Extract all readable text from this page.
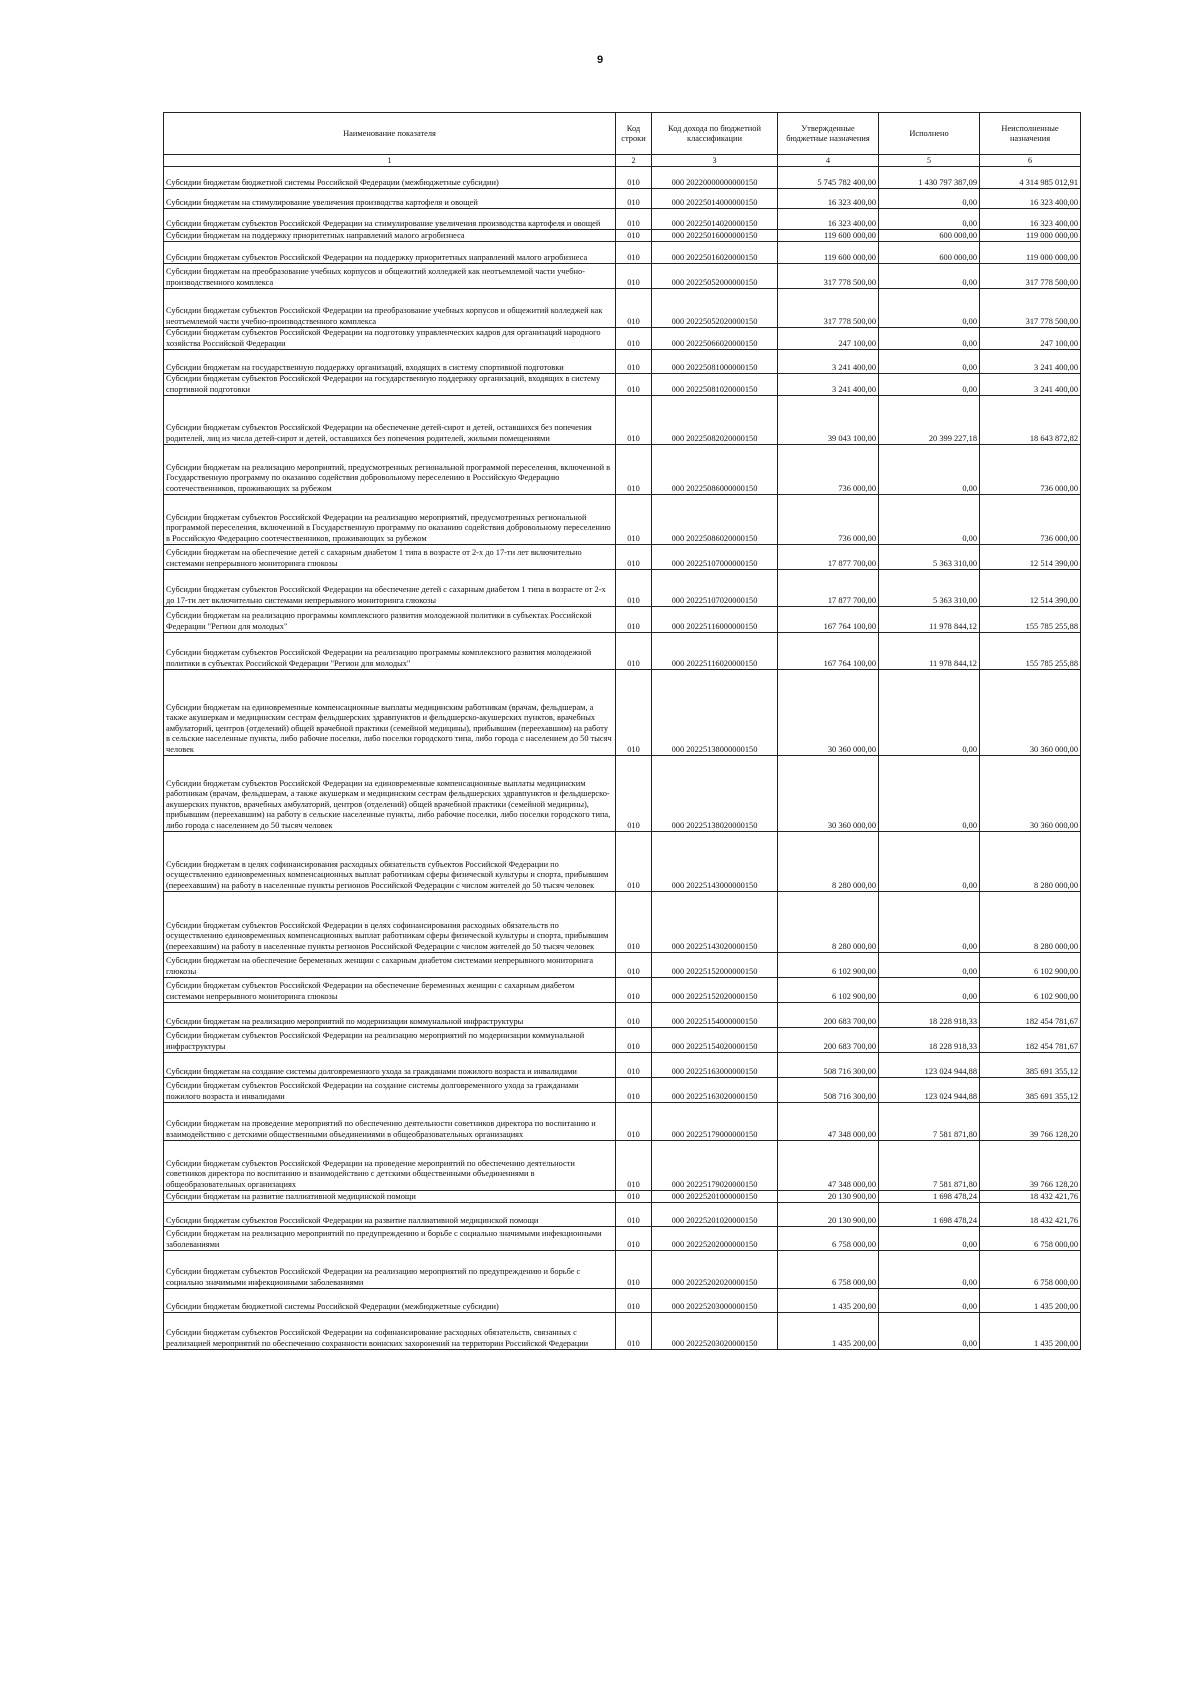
9
Наименование показателя	Код строки	Код дохода по бюджетной классификации	Утвержденные бюджетные назначения	Исполнено	Неисполненные назначения
1	2	3	4	5	6
Субсидии бюджетам бюджетной системы Российской Федерации (межбюджетные субсидии)	010	000 20220000000000150	5 745 782 400,00	1 430 797 387,09	4 314 985 012,91
Субсидии бюджетам на стимулирование увеличения производства картофеля и овощей	010	000 20225014000000150	16 323 400,00	0,00	16 323 400,00
Субсидии бюджетам субъектов Российской Федерации на стимулирование увеличения производства картофеля и овощей	010	000 20225014020000150	16 323 400,00	0,00	16 323 400,00
Субсидии бюджетам на поддержку приоритетных направлений малого агробизнеса	010	000 20225016000000150	119 600 000,00	600 000,00	119 000 000,00
Субсидии бюджетам субъектов Российской Федерации на поддержку приоритетных направлений малого агробизнеса	010	000 20225016020000150	119 600 000,00	600 000,00	119 000 000,00
Субсидии бюджетам на преобразование учебных корпусов и общежитий колледжей как неотъемлемой части учебно-производственного комплекса	010	000 20225052000000150	317 778 500,00	0,00	317 778 500,00
Субсидии бюджетам субъектов Российской Федерации на преобразование учебных корпусов и общежитий колледжей как неотъемлемой части учебно-производственного комплекса	010	000 20225052020000150	317 778 500,00	0,00	317 778 500,00
Субсидии бюджетам субъектов Российской Федерации на подготовку управленческих кадров для организаций народного хозяйства Российской Федерации	010	000 20225066020000150	247 100,00	0,00	247 100,00
Субсидии бюджетам на государственную поддержку организаций, входящих в систему спортивной подготовки	010	000 20225081000000150	3 241 400,00	0,00	3 241 400,00
Субсидии бюджетам субъектов Российской Федерации на государственную поддержку организаций, входящих в систему спортивной подготовки	010	000 20225081020000150	3 241 400,00	0,00	3 241 400,00
Субсидии бюджетам субъектов Российской Федерации на обеспечение детей-сирот и детей, оставшихся без попечения родителей, лиц из числа детей-сирот и детей, оставшихся без попечения родителей, жилыми помещениями	010	000 20225082020000150	39 043 100,00	20 399 227,18	18 643 872,82
Субсидии бюджетам на реализацию мероприятий, предусмотренных региональной программой переселения, включенной в Государственную программу по оказанию содействия добровольному переселению в Российскую Федерацию соотечественников, проживающих за рубежом	010	000 20225086000000150	736 000,00	0,00	736 000,00
Субсидии бюджетам субъектов Российской Федерации на реализацию мероприятий, предусмотренных региональной программой переселения, включенной в Государственную программу по оказанию содействия добровольному переселению в Российскую Федерацию соотечественников, проживающих за рубежом	010	000 20225086020000150	736 000,00	0,00	736 000,00
Субсидии бюджетам на обеспечение детей с сахарным диабетом 1 типа в возрасте от 2-х до 17-ти лет включительно системами непрерывного мониторинга глюкозы	010	000 20225107000000150	17 877 700,00	5 363 310,00	12 514 390,00
Субсидии бюджетам субъектов Российской Федерации на обеспечение детей с сахарным диабетом 1 типа в возрасте от 2-х до 17-ти лет включительно системами непрерывного мониторинга глюкозы	010	000 20225107020000150	17 877 700,00	5 363 310,00	12 514 390,00
Субсидии бюджетам на реализацию программы комплексного развития молодежной политики в субъектах Российской Федерации "Регион для молодых"	010	000 20225116000000150	167 764 100,00	11 978 844,12	155 785 255,88
Субсидии бюджетам субъектов Российской Федерации на реализацию программы комплексного развития молодежной политики в субъектах Российской Федерации "Регион для молодых"	010	000 20225116020000150	167 764 100,00	11 978 844,12	155 785 255,88
Субсидии бюджетам на единовременные компенсационные выплаты медицинским работникам (врачам, фельдшерам, а также акушеркам и медицинским сестрам фельдшерских здравпунктов и фельдшерско-акушерских пунктов, врачебных амбулаторий, центров (отделений) общей врачебной практики (семейной медицины), прибывшим (переехавшим) на работу в сельские населенные пункты, либо рабочие поселки, либо поселки городского типа, либо города с населением до 50 тысяч человек	010	000 20225138000000150	30 360 000,00	0,00	30 360 000,00
Субсидии бюджетам субъектов Российской Федерации на единовременные компенсационные выплаты медицинским работникам (врачам, фельдшерам, а также акушеркам и медицинским сестрам фельдшерских здравпунктов и фельдшерско-акушерских пунктов, врачебных амбулаторий, центров (отделений) общей врачебной практики (семейной медицины), прибывшим (переехавшим) на работу в сельские населенные пункты, либо рабочие поселки, либо поселки городского типа, либо города с населением до 50 тысяч человек	010	000 20225138020000150	30 360 000,00	0,00	30 360 000,00
Субсидии бюджетам в целях софинансирования расходных обязательств субъектов Российской Федерации по осуществлению единовременных компенсационных выплат работникам сферы физической культуры и спорта, прибывшим (переехавшим) на работу в населенные пункты регионов Российской Федерации с числом жителей до 50 тысяч человек	010	000 20225143000000150	8 280 000,00	0,00	8 280 000,00
Субсидии бюджетам субъектов Российской Федерации в целях софинансирования расходных обязательств по осуществлению единовременных компенсационных выплат работникам сферы физической культуры и спорта, прибывшим (переехавшим) на работу в населенные пункты регионов Российской Федерации с числом жителей до 50 тысяч человек	010	000 20225143020000150	8 280 000,00	0,00	8 280 000,00
Субсидии бюджетам на обеспечение беременных женщин с сахарным диабетом системами непрерывного мониторинга глюкозы	010	000 20225152000000150	6 102 900,00	0,00	6 102 900,00
Субсидии бюджетам субъектов Российской Федерации на обеспечение беременных женщин с сахарным диабетом системами непрерывного мониторинга глюкозы	010	000 20225152020000150	6 102 900,00	0,00	6 102 900,00
Субсидии бюджетам на реализацию мероприятий по модернизации коммунальной инфраструктуры	010	000 20225154000000150	200 683 700,00	18 228 918,33	182 454 781,67
Субсидии бюджетам субъектов Российской Федерации на реализацию мероприятий по модернизации коммунальной инфраструктуры	010	000 20225154020000150	200 683 700,00	18 228 918,33	182 454 781,67
Субсидии бюджетам на создание системы долговременного ухода за гражданами пожилого возраста и инвалидами	010	000 20225163000000150	508 716 300,00	123 024 944,88	385 691 355,12
Субсидии бюджетам субъектов Российской Федерации на создание системы долговременного ухода за гражданами пожилого возраста и инвалидами	010	000 20225163020000150	508 716 300,00	123 024 944,88	385 691 355,12
Субсидии бюджетам на проведение мероприятий по обеспечению деятельности советников директора по воспитанию и взаимодействию с детскими общественными объединениями в общеобразовательных организациях	010	000 20225179000000150	47 348 000,00	7 581 871,80	39 766 128,20
Субсидии бюджетам субъектов Российской Федерации на проведение мероприятий по обеспечению деятельности советников директора по воспитанию и взаимодействию с детскими общественными объединениями в общеобразовательных организациях	010	000 20225179020000150	47 348 000,00	7 581 871,80	39 766 128,20
Субсидии бюджетам на развитие паллиативной медицинской помощи	010	000 20225201000000150	20 130 900,00	1 698 478,24	18 432 421,76
Субсидии бюджетам субъектов Российской Федерации на развитие паллиативной медицинской помощи	010	000 20225201020000150	20 130 900,00	1 698 478,24	18 432 421,76
Субсидии бюджетам на реализацию мероприятий по предупреждению и борьбе с социально значимыми инфекционными заболеваниями	010	000 20225202000000150	6 758 000,00	0,00	6 758 000,00
Субсидии бюджетам субъектов Российской Федерации на реализацию мероприятий по предупреждению и борьбе с социально значимыми инфекционными заболеваниями	010	000 20225202020000150	6 758 000,00	0,00	6 758 000,00
Субсидии бюджетам бюджетной системы Российской Федерации (межбюджетные субсидии)	010	000 20225203000000150	1 435 200,00	0,00	1 435 200,00
Субсидии бюджетам субъектов Российской Федерации на софинансирование расходных обязательств, связанных с реализацией мероприятий по обеспечению сохранности воинских захоронений на территории Российской Федерации	010	000 20225203020000150	1 435 200,00	0,00	1 435 200,00
